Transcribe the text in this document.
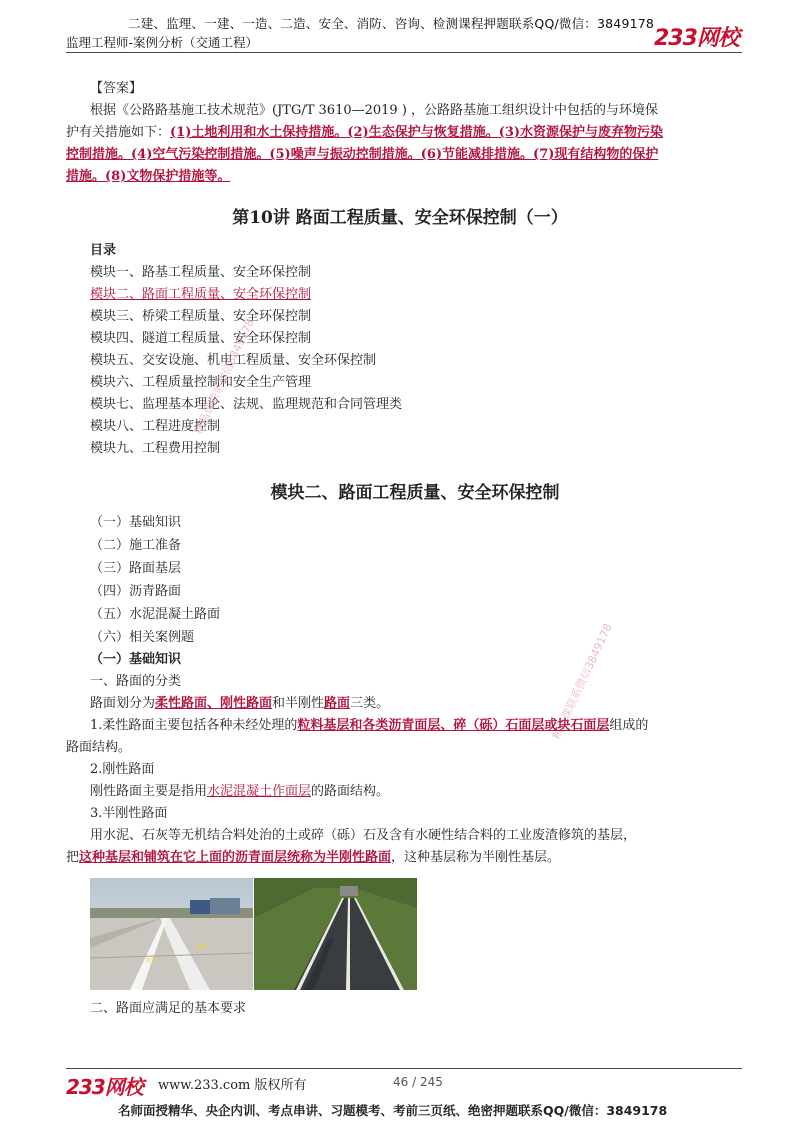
二建、监理、一建、一造、二造、安全、消防、咨询、检测课程押题联系QQ/微信：3849178
监理工程师-案例分析（交通工程）	233网校
【答案】
根据《公路路基施工技术规范》(JTG/T 3610—2019 ) ，公路路基施工组织设计中包括的与环境保
护有关措施如下：(1)土地利用和水土保持措施。(2)生态保护与恢复措施。(3)水资源保护与废弃物污染
控制措施。(4)空气污染控制措施。(5)噪声与振动控制措施。(6)节能减排措施。(7)现有结构物的保护
措施。(8)文物保护措施等。
第10讲 路面工程质量、安全环保控制（一）
目录
模块一、路基工程质量、安全环保控制
模块二、路面工程质量、安全环保控制
模块三、桥梁工程质量、安全环保控制
模块四、隧道工程质量、安全环保控制
模块五、交安设施、机电工程质量、安全环保控制
模块六、工程质量控制和安全生产管理
模块七、监理基本理论、法规、监理规范和合同管理类
模块八、工程进度控制
模块九、工程费用控制
精品课联系微信3849178
精品课联系微信3849178
模块二、路面工程质量、安全环保控制
（一）基础知识
（二）施工准备
（三）路面基层
（四）沥青路面
（五）水泥混凝土路面
（六）相关案例题
（一）基础知识
一、路面的分类
路面划分为柔性路面、刚性路面和半刚性路面三类。
1.柔性路面主要包括各种未经处理的粒料基层和各类沥青面层、碎（砾）石面层或块石面层组成的
路面结构。
2.刚性路面
刚性路面主要是指用水泥混凝土作面层的路面结构。
3.半刚性路面
用水泥、石灰等无机结合料处治的土或碎（砾）石及含有水硬性结合料的工业废渣修筑的基层，
把这种基层和铺筑在它上面的沥青面层统称为半刚性路面，这种基层称为半刚性基层。
刚性
路面
二、路面应满足的基本要求
233网校 www.233.com 版权所有	46 / 245
名师面授精华、央企内训、考点串讲、习题模考、考前三页纸、绝密押题联系QQ/微信：3849178
